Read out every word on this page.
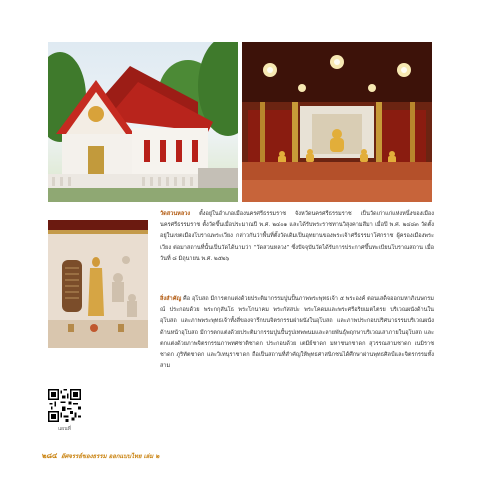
วัดสวนหลวง ตั้งอยู่ในอำเภอเมืองนครศรีธรรมราช จังหวัดนครศรีธรรมราช เป็นวัดเก่าแก่แห่งหนึ่งของเมืองนครศรีธรรมราช ตั้งวัดขึ้นเมื่อประมาณปี พ.ศ. ๒๔๐๑ และได้รับพระราชทานวิสุงคามสีมา เมื่อปี พ.ศ. ๒๔๘๓ วัดตั้งอยู่ในเขตเมืองโบราณพระเวียง กล่าวกันว่าพื้นที่ตั้งวัดเดิมเป็นอุทยานของพระเจ้าศรีธรรมาโศกราช ผู้ครองเมืองพระเวียง ต่อมาสถานที่นั้นเป็นวัดได้นามว่า “วัดสวนหลวง” ซึ่งปัจจุบันวัดได้รับการประกาศขึ้นทะเบียนโบราณสถาน เมื่อวันที่ ๘ มิถุนายน พ.ศ. ๒๕๒๖

สิ่งสำคัญ คือ อุโบสถ มีการตกแต่งด้วยประติมากรรมปูนปั้นภาพพระพุทธเจ้า ๕ พระองค์ ตอนเสด็จออกมหาภิเนษกรมณ์ ประกอบด้วย พระกกุสันโธ พระโกนาคม พระกัสสปะ พระโคดมและพระศรีอริยเมตไตรย บริเวณผนังด้านในอุโบสถ และภาพพระพุทธเจ้าทั้งสี่ของจารึกบนจิตรกรรมฝาผนังในอุโบสถ และภาพประกอบปริศนาธรรมบริเวณผนังด้านหน้าอุโบสถ มีการตกแต่งด้วยประติมากรรมปูนปั้นรูปเทพพนมและลายพันธุ์พฤกษาบริเวณเสาภายในอุโบสถ และตกแต่งด้วยภาพจิตรกรรมภาพทศชาติชาดก ประกอบด้วย เตมีย์ชาดก มหาชนกชาดก สุวรรณสามชาดก เนมิราชชาดก ภูริทัตชาดก และวิเทนุราชาดก ถือเป็นสถานที่สำคัญให้พุทธศาสนิกชนได้ศึกษาผ่านพุทธศิลป์และจิตรกรรมทั้งสาม

แผนที่
๒๘๔ อัศจรรย์ของธรรม ออกแบบไทย เล่ม ๒
